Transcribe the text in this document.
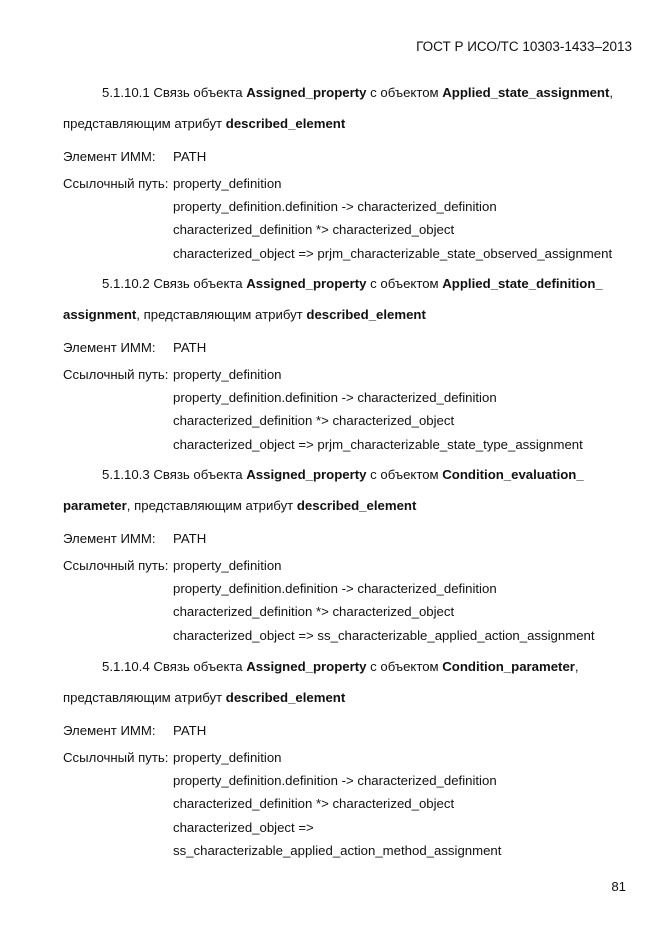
ГОСТ Р ИСО/ТС 10303-1433–2013
5.1.10.1 Связь объекта Assigned_property с объектом Applied_state_assignment,
представляющим атрибут described_element
Элемент ИММ: PATH
Ссылочный путь: property_definition
property_definition.definition -> characterized_definition
characterized_definition *> characterized_object
characterized_object => prjm_characterizable_state_observed_assignment
5.1.10.2 Связь объекта Assigned_property с объектом Applied_state_definition_
assignment, представляющим атрибут described_element
Элемент ИММ: PATH
Ссылочный путь: property_definition
property_definition.definition -> characterized_definition
characterized_definition *> characterized_object
characterized_object => prjm_characterizable_state_type_assignment
5.1.10.3 Связь объекта Assigned_property с объектом Condition_evaluation_
parameter, представляющим атрибут described_element
Элемент ИММ: PATH
Ссылочный путь: property_definition
property_definition.definition -> characterized_definition
characterized_definition *> characterized_object
characterized_object => ss_characterizable_applied_action_assignment
5.1.10.4 Связь объекта Assigned_property с объектом Condition_parameter,
представляющим атрибут described_element
Элемент ИММ: PATH
Ссылочный путь: property_definition
property_definition.definition -> characterized_definition
characterized_definition *> characterized_object
characterized_object =>
ss_characterizable_applied_action_method_assignment
81
